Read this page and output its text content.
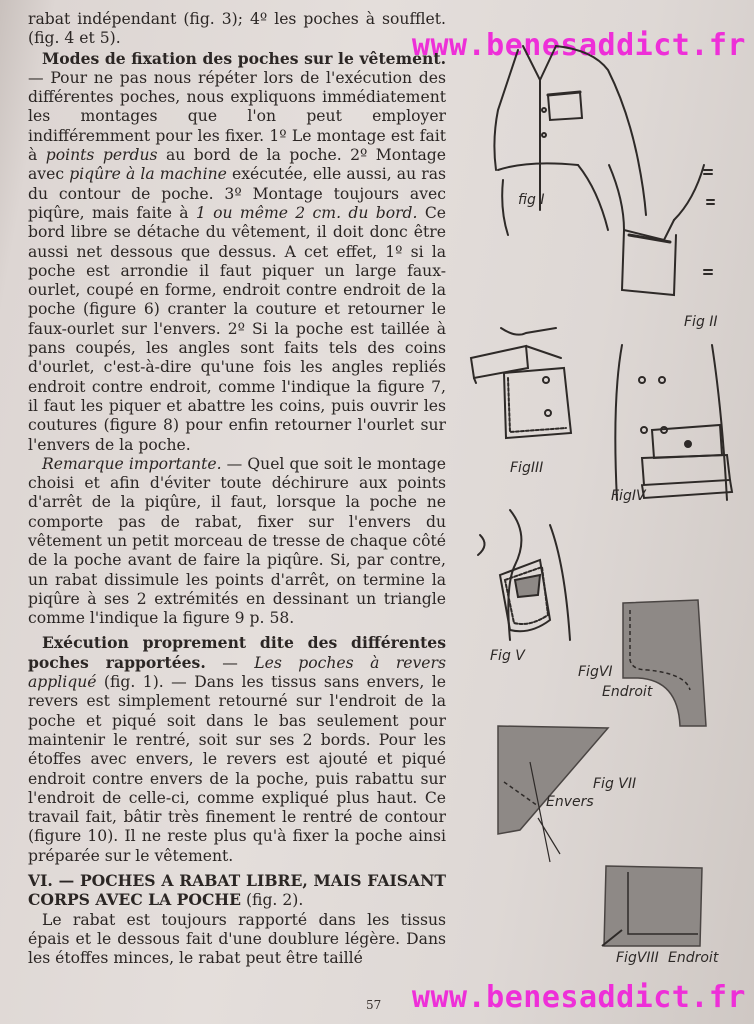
www.benesaddict.fr

rabat indépendant (fig. 3); 4º les poches à soufflet. (fig. 4 et 5).

Modes de fixation des poches sur le vêtement. — Pour ne pas nous répéter lors de l'exécution des différentes poches, nous expliquons immédiatement les montages que l'on peut employer indifféremment pour les fixer. 1º Le montage est fait à points perdus au bord de la poche. 2º Montage avec piqûre à la machine exécutée, elle aussi, au ras du contour de poche. 3º Montage toujours avec piqûre, mais faite à 1 ou même 2 cm. du bord. Ce bord libre se détache du vêtement, il doit donc être aussi net dessous que dessus. A cet effet, 1º si la poche est arrondie il faut piquer un large faux-ourlet, coupé en forme, endroit contre endroit de la poche (figure 6) cranter la couture et retourner le faux-ourlet sur l'envers. 2º Si la poche est taillée à pans coupés, les angles sont faits tels des coins d'ourlet, c'est-à-dire qu'une fois les angles repliés endroit contre endroit, comme l'indique la figure 7, il faut les piquer et abattre les coins, puis ouvrir les coutures (figure 8) pour enfin retourner l'ourlet sur l'envers de la poche.

Remarque importante. — Quel que soit le montage choisi et afin d'éviter toute déchirure aux points d'arrêt de la piqûre, il faut, lorsque la poche ne comporte pas de rabat, fixer sur l'envers du vêtement un petit morceau de tresse de chaque côté de la poche avant de faire la piqûre. Si, par contre, un rabat dissimule les points d'arrêt, on termine la piqûre à ses 2 extrémités en dessinant un triangle comme l'indique la figure 9 p. 58.

Exécution proprement dite des différentes poches rapportées. — Les poches à revers appliqué (fig. 1). — Dans les tissus sans envers, le revers est simplement retourné sur l'endroit de la poche et piqué soit dans le bas seulement pour maintenir le rentré, soit sur ses 2 bords. Pour les étoffes avec envers, le revers est ajouté et piqué endroit contre envers de la poche, puis rabattu sur l'endroit de celle-ci, comme expliqué plus haut. Ce travail fait, bâtir très finement le rentré de contour (figure 10). Il ne reste plus qu'à fixer la poche ainsi préparée sur le vêtement.

VI. — POCHES A RABAT LIBRE, MAIS FAISANT CORPS AVEC LA POCHE (fig. 2).

Le rabat est toujours rapporté dans les tissus épais et le dessous fait d'une doublure légère. Dans les étoffes minces, le rabat peut être taillé

fig I
Fig II
FigIII
FigIV
Fig V
FigVI
Endroit
Fig VII
Envers
FigVIII Endroit
57 www.benesaddict.fr
